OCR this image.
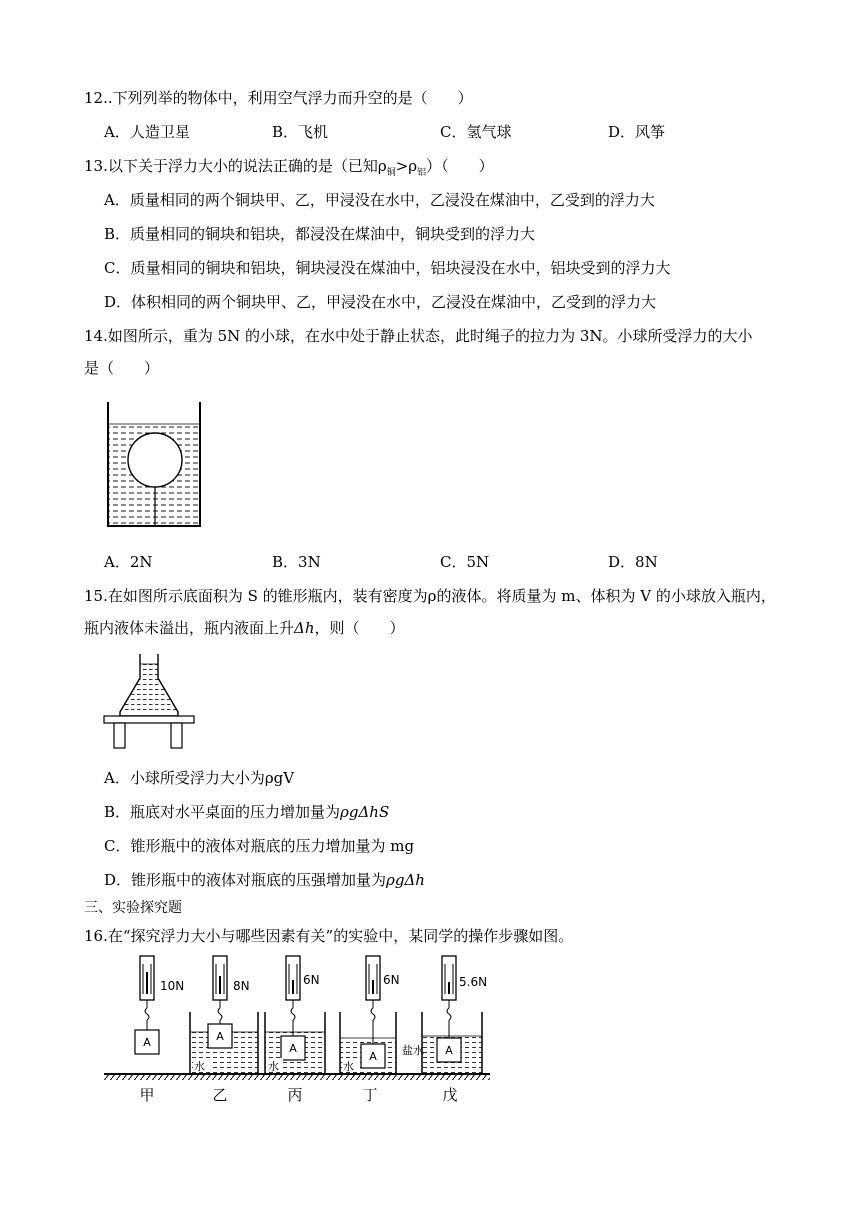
12..下列列举的物体中，利用空气浮力而升空的是（　　）
A．人造卫星	B．飞机	C．氢气球	D．风筝
13.以下关于浮力大小的说法正确的是（已知$\rho_铜>\rho_铝$）（　　）
A．质量相同的两个铜块甲、乙，甲浸没在水中，乙浸没在煤油中，乙受到的浮力大
B．质量相同的铜块和铝块，都浸没在煤油中，铜块受到的浮力大
C．质量相同的铜块和铝块，铜块浸没在煤油中，铝块浸没在水中，铝块受到的浮力大
D．体积相同的两个铜块甲、乙，甲浸没在水中，乙浸没在煤油中，乙受到的浮力大
14.如图所示，重为 5N 的小球，在水中处于静止状态，此时绳子的拉力为 3N。小球所受浮力的大小
是（　　）
A．2N	B．3N	C．5N	D．8N
15.在如图所示底面积为 S 的锥形瓶内，装有密度为ρ的液体。将质量为 m、体积为 V 的小球放入瓶内，
瓶内液体未溢出，瓶内液面上升Δh，则（　　）
A．小球所受浮力大小为ρgV
B．瓶底对水平桌面的压力增加量为ρgΔhS
C．锥形瓶中的液体对瓶底的压力增加量为 mg
D．锥形瓶中的液体对瓶底的压强增加量为ρgΔh
三、实验探究题
16.在“探究浮力大小与哪些因素有关”的实验中，某同学的操作步骤如图。
A
10N
A
水
8N
A
水
6N
A
水
6N
A
5.6N
盐水
甲	乙	丙	丁	戊
